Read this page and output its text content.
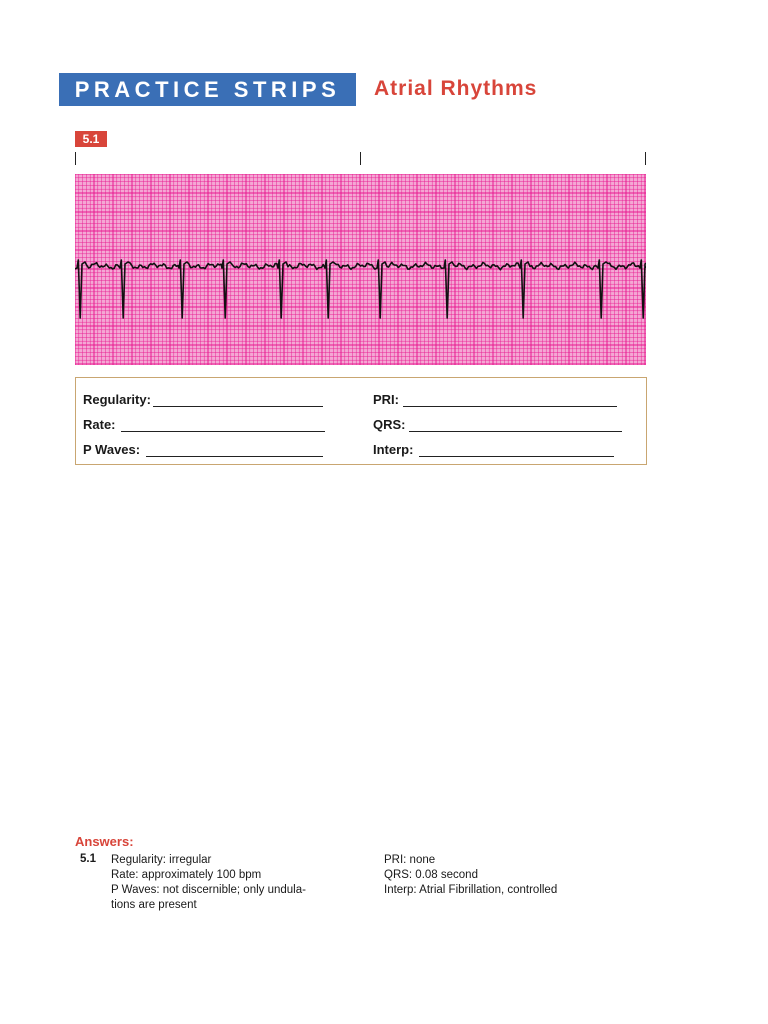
PRACTICE STRIPS	Atrial Rhythms
5.1
Regularity:
Rate:
P Waves:
PRI:
QRS:
Interp:
Answers:
5.1 Regularity: irregular
Rate: approximately 100 bpm
P Waves: not discernible; only undula-
tions are present
PRI: none
QRS: 0.08 second
Interp: Atrial Fibrillation, controlled
